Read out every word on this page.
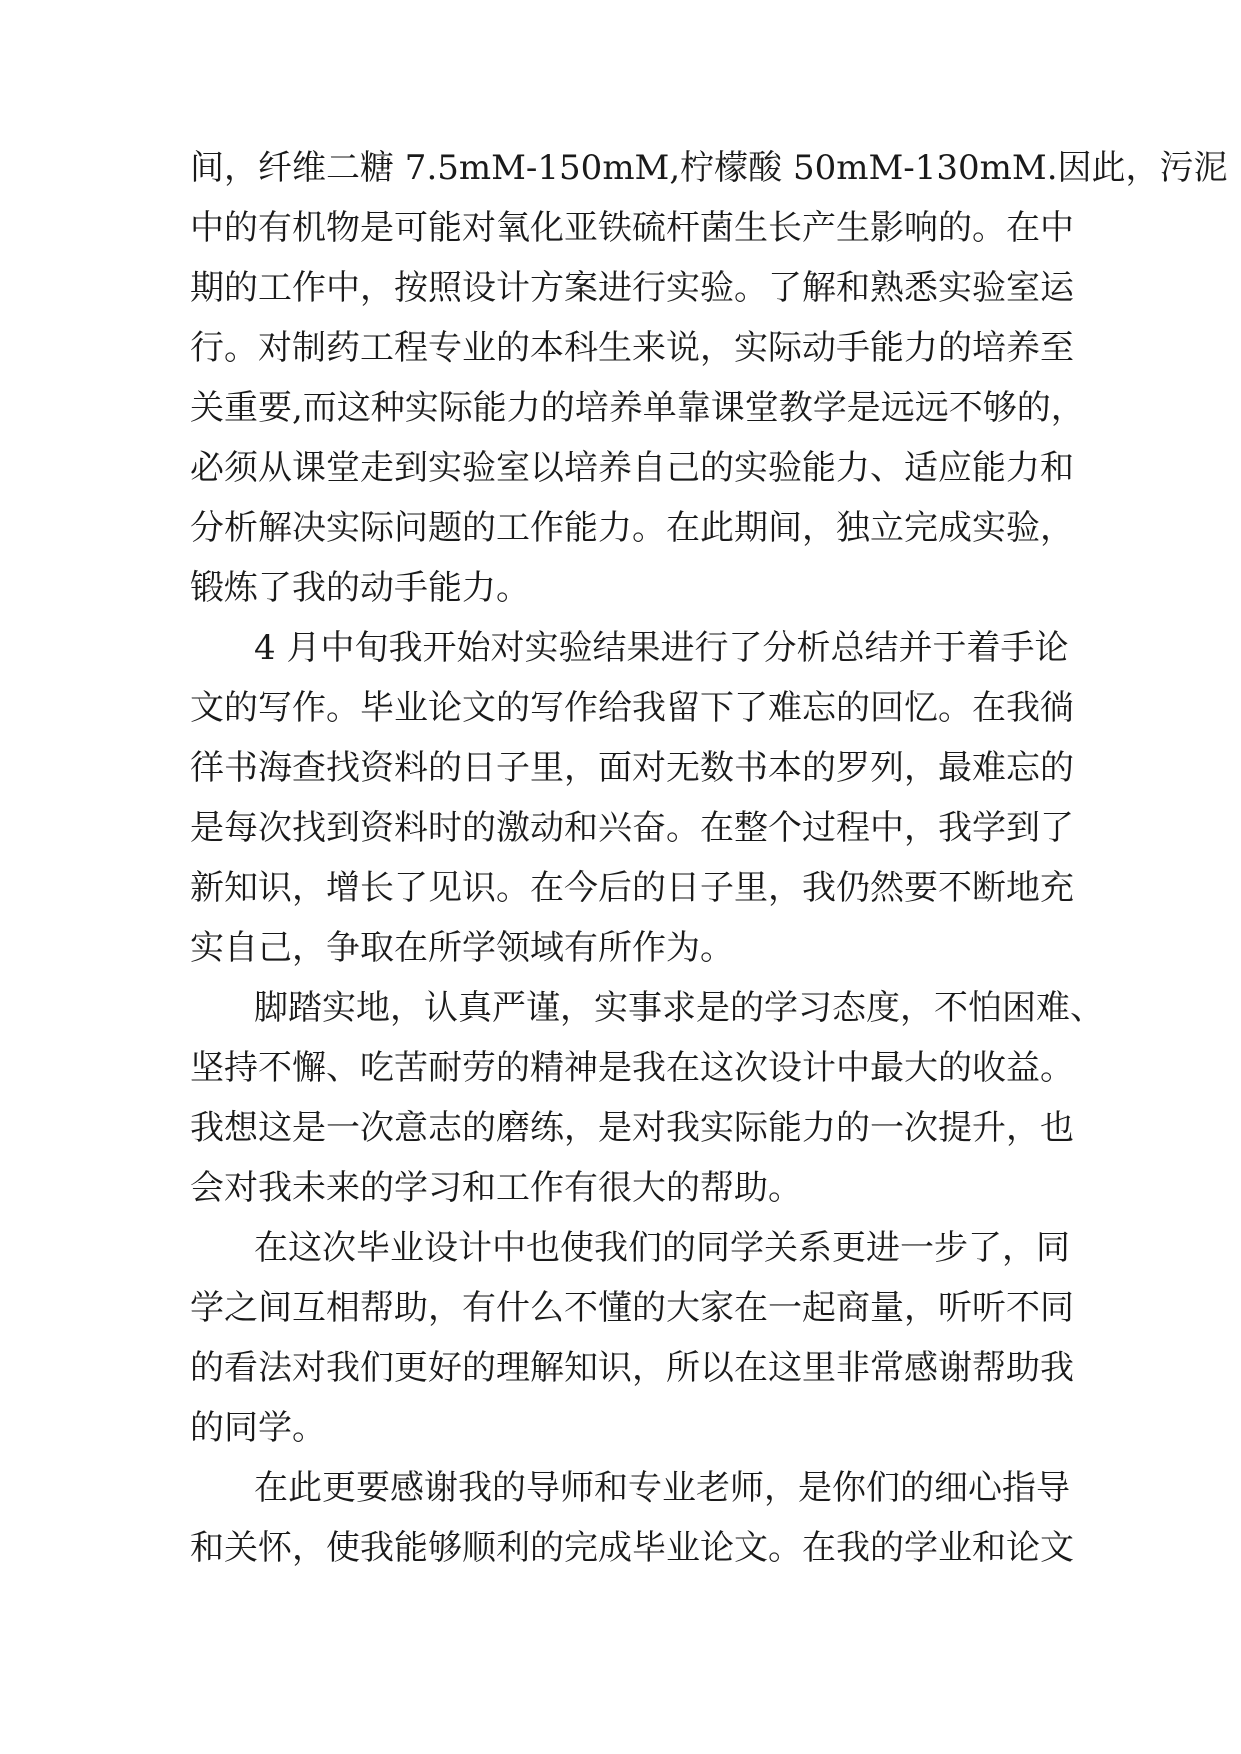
间，纤维二糖 7.5mM-150mM,柠檬酸 50mM-130mM.因此，污泥
中的有机物是可能对氧化亚铁硫杆菌生长产生影响的。在中
期的工作中，按照设计方案进行实验。了解和熟悉实验室运
行。对制药工程专业的本科生来说，实际动手能力的培养至
关重要,而这种实际能力的培养单靠课堂教学是远远不够的，
必须从课堂走到实验室以培养自己的实验能力、适应能力和
分析解决实际问题的工作能力。在此期间，独立完成实验，
锻炼了我的动手能力。
4 月中旬我开始对实验结果进行了分析总结并于着手论
文的写作。毕业论文的写作给我留下了难忘的回忆。在我徜
徉书海查找资料的日子里，面对无数书本的罗列，最难忘的
是每次找到资料时的激动和兴奋。在整个过程中，我学到了
新知识，增长了见识。在今后的日子里，我仍然要不断地充
实自己，争取在所学领域有所作为。
脚踏实地，认真严谨，实事求是的学习态度，不怕困难、
坚持不懈、吃苦耐劳的精神是我在这次设计中最大的收益。
我想这是一次意志的磨练，是对我实际能力的一次提升，也
会对我未来的学习和工作有很大的帮助。
在这次毕业设计中也使我们的同学关系更进一步了，同
学之间互相帮助，有什么不懂的大家在一起商量，听听不同
的看法对我们更好的理解知识，所以在这里非常感谢帮助我
的同学。
在此更要感谢我的导师和专业老师，是你们的细心指导
和关怀，使我能够顺利的完成毕业论文。在我的学业和论文
